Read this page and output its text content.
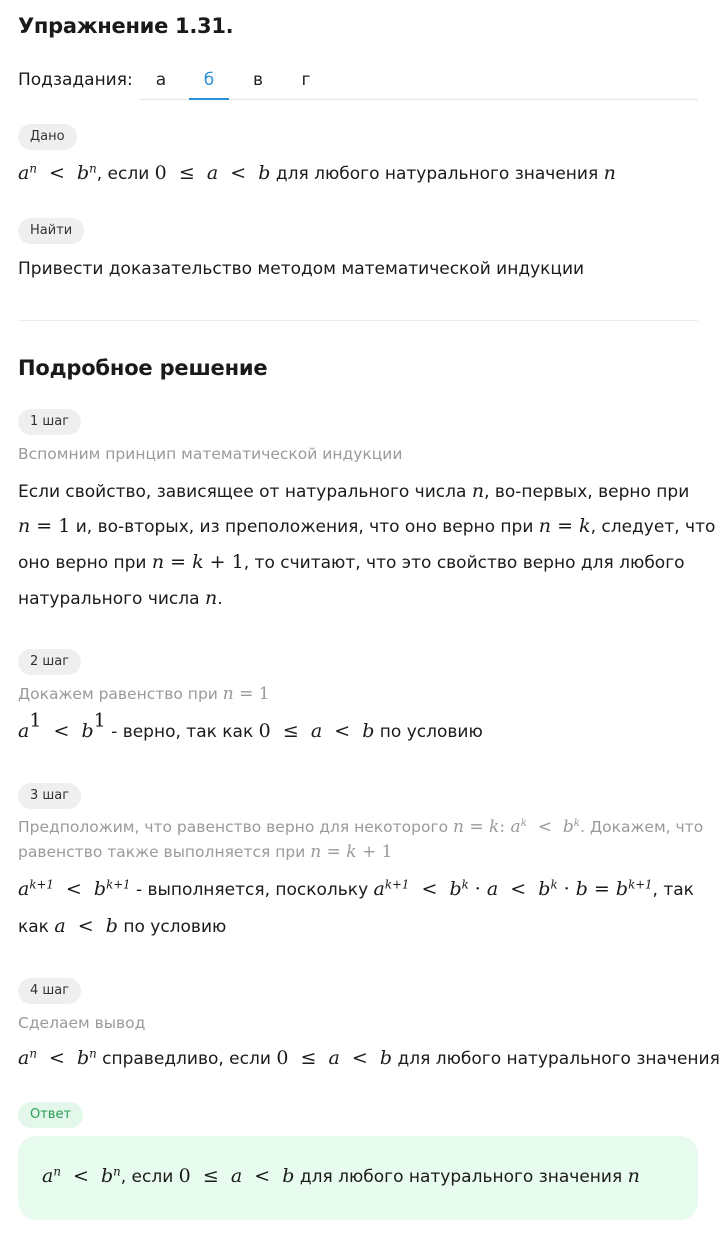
Упражнение 1.31.
Подзадания:	а	б	в	г
Дано
$a^n < b^n$, если 0  ≤  a  <  b для любого натурального значения n
Найти
Привести доказательство методом математической индукции
Подробное решение
1 шаг
Вспомним принцип математической индукции
Если свойство, зависящее от натурального числа n, во-первых, верно при
n = 1 и, во-вторых, из преположения, что оно верно при n = k, следует, что
оно верно при n = k + 1, то считают, что это свойство верно для любого
натурального числа n.
2 шаг
Докажем равенство при n = 1
$a^1 < b^1$ - верно, так как 0  ≤  a  <  b по условию
3 шаг
Предположим, что равенство верно для некоторого n = k: $a^k < b^k$. Докажем, что
равенство также выполняется при n = k + 1
$a^{k+1} < b^{k+1}$ - выполняется, поскольку $a^{k+1} < b^k \cdot a < b^k \cdot b = b^{k+1}$, так
как a  <  b по условию
4 шаг
Сделаем вывод
$a^n < b^n$ справедливо, если 0  ≤  a  <  b для любого натурального значения
Ответ
$a^n < b^n$, если 0  ≤  a  <  b для любого натурального значения n
